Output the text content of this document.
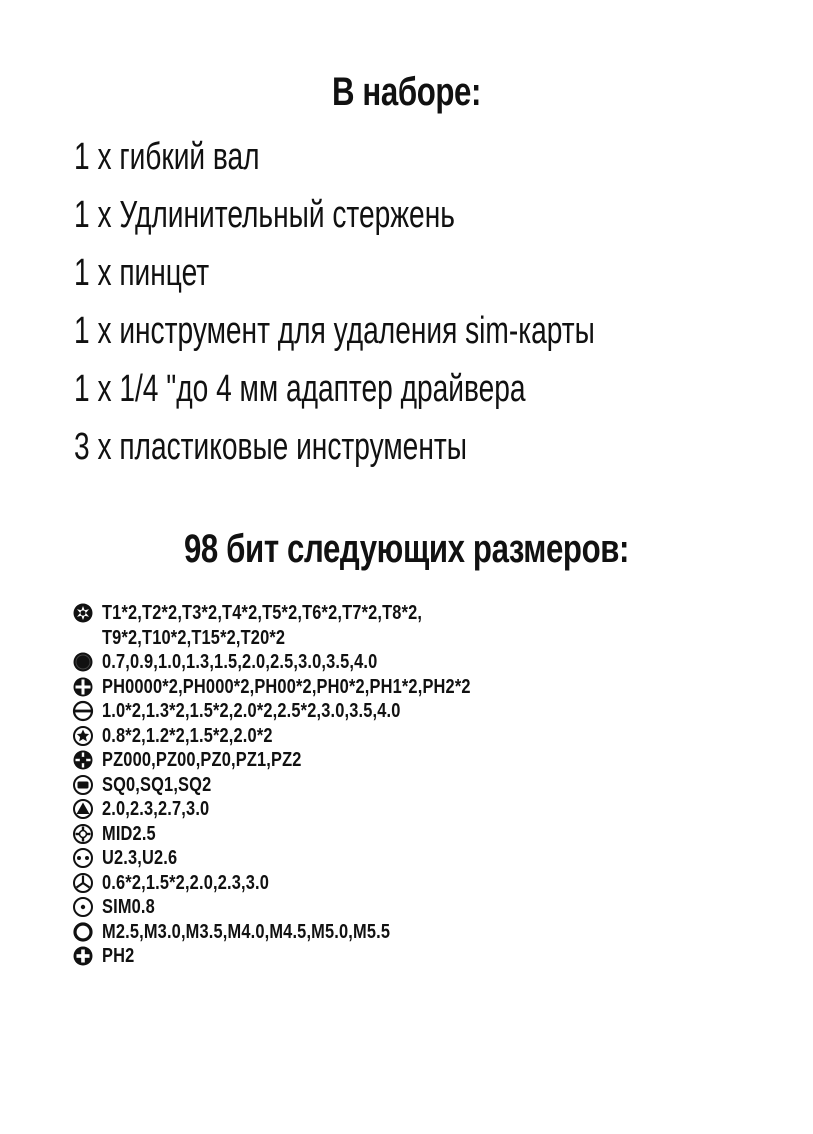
В наборе:
1 х гибкий вал
1 х Удлинительный стержень
1 х пинцет
1 х инструмент для удаления sim-карты
1 х 1/4 "до 4 мм адаптер драйвера
3 х пластиковые инструменты
98 бит следующих размеров:
T1*2,T2*2,T3*2,T4*2,T5*2,T6*2,T7*2,T8*2,
T9*2,T10*2,T15*2,T20*2
0.7,0.9,1.0,1.3,1.5,2.0,2.5,3.0,3.5,4.0
PH0000*2,PH000*2,PH00*2,PH0*2,PH1*2,PH2*2
1.0*2,1.3*2,1.5*2,2.0*2,2.5*2,3.0,3.5,4.0
0.8*2,1.2*2,1.5*2,2.0*2
PZ000,PZ00,PZ0,PZ1,PZ2
SQ0,SQ1,SQ2
2.0,2.3,2.7,3.0
MID2.5
U2.3,U2.6
0.6*2,1.5*2,2.0,2.3,3.0
SIM0.8
M2.5,M3.0,M3.5,M4.0,M4.5,M5.0,M5.5
PH2
